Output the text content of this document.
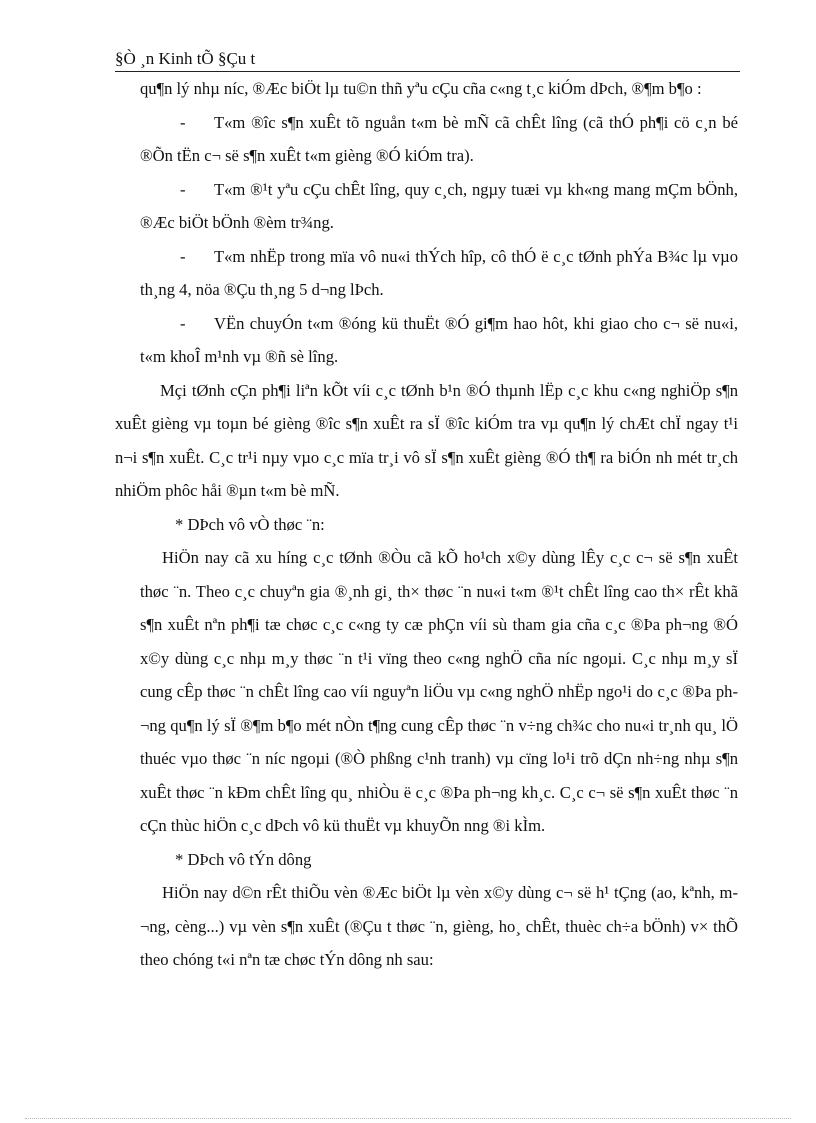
§Ò ¸n Kinh tÕ §Çu t

qu¶n lý nhµ níc, ®Æc biÖt lµ tu©n thñ yªu cÇu cña c«ng t¸c kiÓm dÞch, ®¶m b¶o :

- T«m ®îc s¶n xuÊt tõ nguån t«m bè mÑ cã chÊt lîng (cã thÓ ph¶i cö c¸n bé ®Õn tËn c¬ së s¶n xuÊt t«m gièng ®Ó kiÓm tra).

- T«m ®¹t yªu cÇu chÊt lîng, quy c¸ch, ngµy tuæi vµ kh«ng mang mÇm bÖnh, ®Æc biÖt bÖnh ®èm tr¾ng.

- T«m nhËp trong mïa vô nu«i thÝch hîp, cô thÓ ë c¸c tØnh phÝa B¾c lµ vµo th¸ng 4, nöa ®Çu th¸ng 5 d¬ng lÞch.

- VËn chuyÓn t«m ®óng kü thuËt ®Ó gi¶m hao hôt, khi giao cho c¬ së nu«i, t«m khoÎ m¹nh vµ ®ñ sè lîng.

Mçi tØnh cÇn ph¶i liªn kÕt víi c¸c tØnh b¹n ®Ó thµnh lËp c¸c khu c«ng nghiÖp s¶n xuÊt gièng vµ toµn bé gièng ®îc s¶n xuÊt ra sÏ ®îc kiÓm tra vµ qu¶n lý chÆt chÏ ngay t¹i n¬i s¶n xuÊt. C¸c tr¹i nµy vµo c¸c mïa tr¸i vô sÏ s¶n xuÊt gièng ®Ó th¶ ra biÓn nh mét tr¸ch nhiÖm phôc håi ®µn t«m bè mÑ.

* DÞch vô vÒ thøc ¨n:

HiÖn nay cã xu híng c¸c tØnh ®Òu cã kÕ ho¹ch x©y dùng lÊy c¸c c¬ së s¶n xuÊt thøc ¨n. Theo c¸c chuyªn gia ®¸nh gi¸ th× thøc ¨n nu«i t«m ®¹t chÊt lîng cao th× rÊt khã s¶n xuÊt nªn ph¶i tæ chøc c¸c c«ng ty cæ phÇn víi sù tham gia cña c¸c ®Þa ph¬ng ®Ó x©y dùng c¸c nhµ m¸y thøc ¨n t¹i vïng theo c«ng nghÖ cña níc ngoµi. C¸c nhµ m¸y sÏ cung cÊp thøc ¨n chÊt lîng cao víi nguyªn liÖu vµ c«ng nghÖ nhËp ngo¹i do c¸c ®Þa ph¬ng qu¶n lý sÏ ®¶m b¶o mét nÒn t¶ng cung cÊp thøc ¨n v÷ng ch¾c cho nu«i tr¸nh qu¸ lÖ thuéc vµo thøc ¨n níc ngoµi (®Ò phßng c¹nh tranh) vµ cïng lo¹i trõ dÇn nh÷ng nhµ s¶n xuÊt thøc ¨n kÐm chÊt lîng qu¸ nhiÒu ë c¸c ®Þa ph¬ng kh¸c. C¸c c¬ së s¶n xuÊt thøc ¨n cÇn thùc hiÖn c¸c dÞch vô kü thuËt vµ khuyÕn nng ®i kÌm.

* DÞch vô tÝn dông

HiÖn nay d©n rÊt thiÕu vèn ®Æc biÖt lµ vèn x©y dùng c¬ së h¹ tÇng (ao, kªnh, m¬ng, cèng...) vµ vèn s¶n xuÊt (®Çu t thøc ¨n, gièng, ho¸ chÊt, thuèc ch÷a bÖnh) v× thÕ theo chóng t«i nªn tæ chøc tÝn dông nh sau:
